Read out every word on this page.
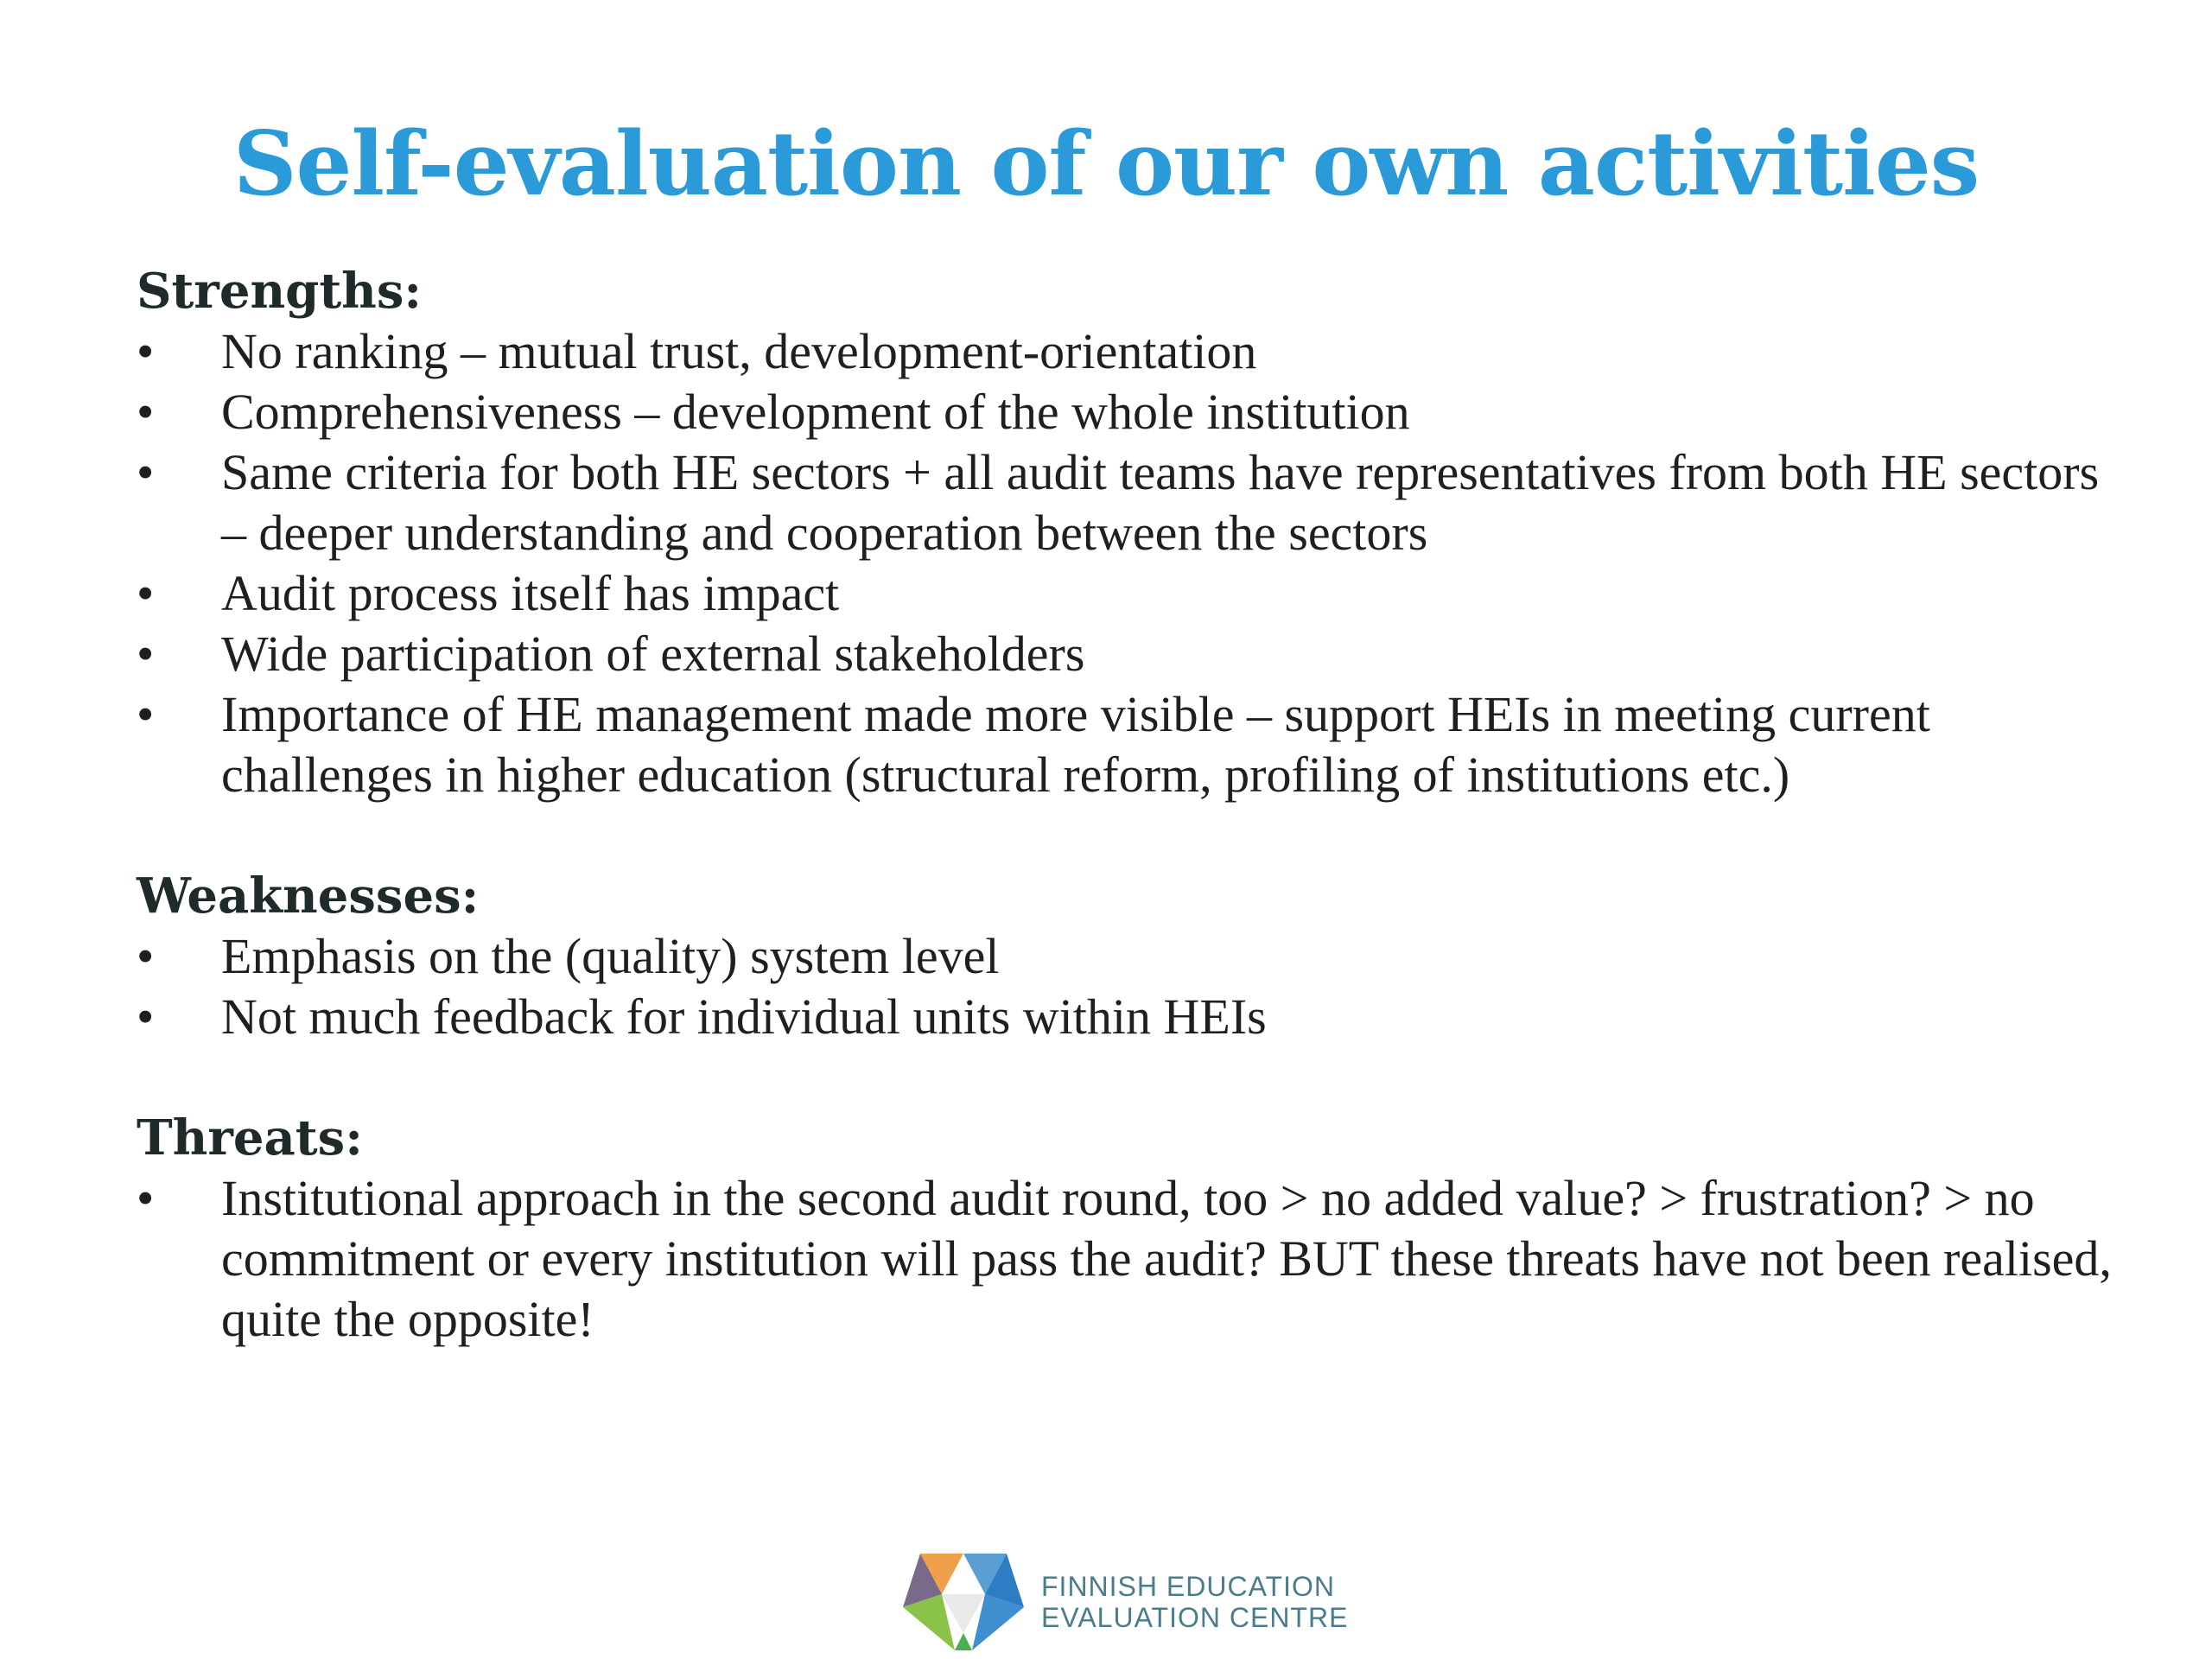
Self-evaluation of our own activities
Strengths:
• No ranking – mutual trust, development-orientation
• Comprehensiveness – development of the whole institution
• Same criteria for both HE sectors + all audit teams have representatives from both HE sectors – deeper understanding and cooperation between the sectors
• Audit process itself has impact
• Wide participation of external stakeholders
• Importance of HE management made more visible – support HEIs in meeting current challenges in higher education (structural reform, profiling of institutions etc.)
Weaknesses:
• Emphasis on the (quality) system level
• Not much feedback for individual units within HEIs
Threats:
• Institutional approach in the second audit round, too > no added value? > frustration? > no commitment or every institution will pass the audit? BUT these threats have not been realised, quite the opposite!
FINNISH EDUCATION
EVALUATION CENTRE
